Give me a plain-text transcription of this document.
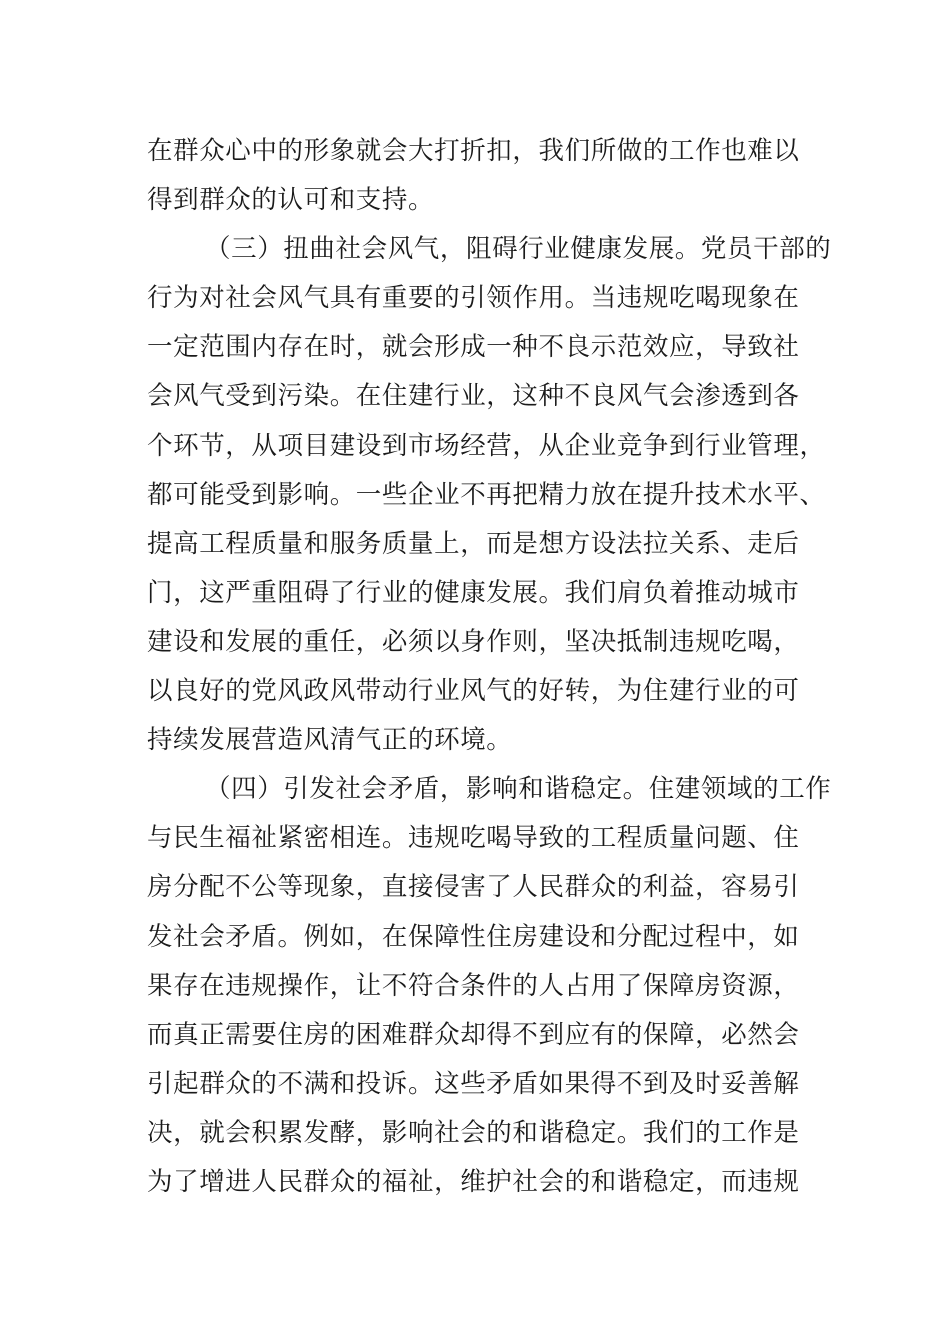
在群众心中的形象就会大打折扣，我们所做的工作也难以
得到群众的认可和支持。
（三）扭曲社会风气，阻碍行业健康发展。党员干部的
行为对社会风气具有重要的引领作用。当违规吃喝现象在
一定范围内存在时，就会形成一种不良示范效应，导致社
会风气受到污染。在住建行业，这种不良风气会渗透到各
个环节，从项目建设到市场经营，从企业竞争到行业管理，
都可能受到影响。一些企业不再把精力放在提升技术水平、
提高工程质量和服务质量上，而是想方设法拉关系、走后
门，这严重阻碍了行业的健康发展。我们肩负着推动城市
建设和发展的重任，必须以身作则，坚决抵制违规吃喝，
以良好的党风政风带动行业风气的好转，为住建行业的可
持续发展营造风清气正的环境。
（四）引发社会矛盾，影响和谐稳定。住建领域的工作
与民生福祉紧密相连。违规吃喝导致的工程质量问题、住
房分配不公等现象，直接侵害了人民群众的利益，容易引
发社会矛盾。例如，在保障性住房建设和分配过程中，如
果存在违规操作，让不符合条件的人占用了保障房资源，
而真正需要住房的困难群众却得不到应有的保障，必然会
引起群众的不满和投诉。这些矛盾如果得不到及时妥善解
决，就会积累发酵，影响社会的和谐稳定。我们的工作是
为了增进人民群众的福祉，维护社会的和谐稳定，而违规
